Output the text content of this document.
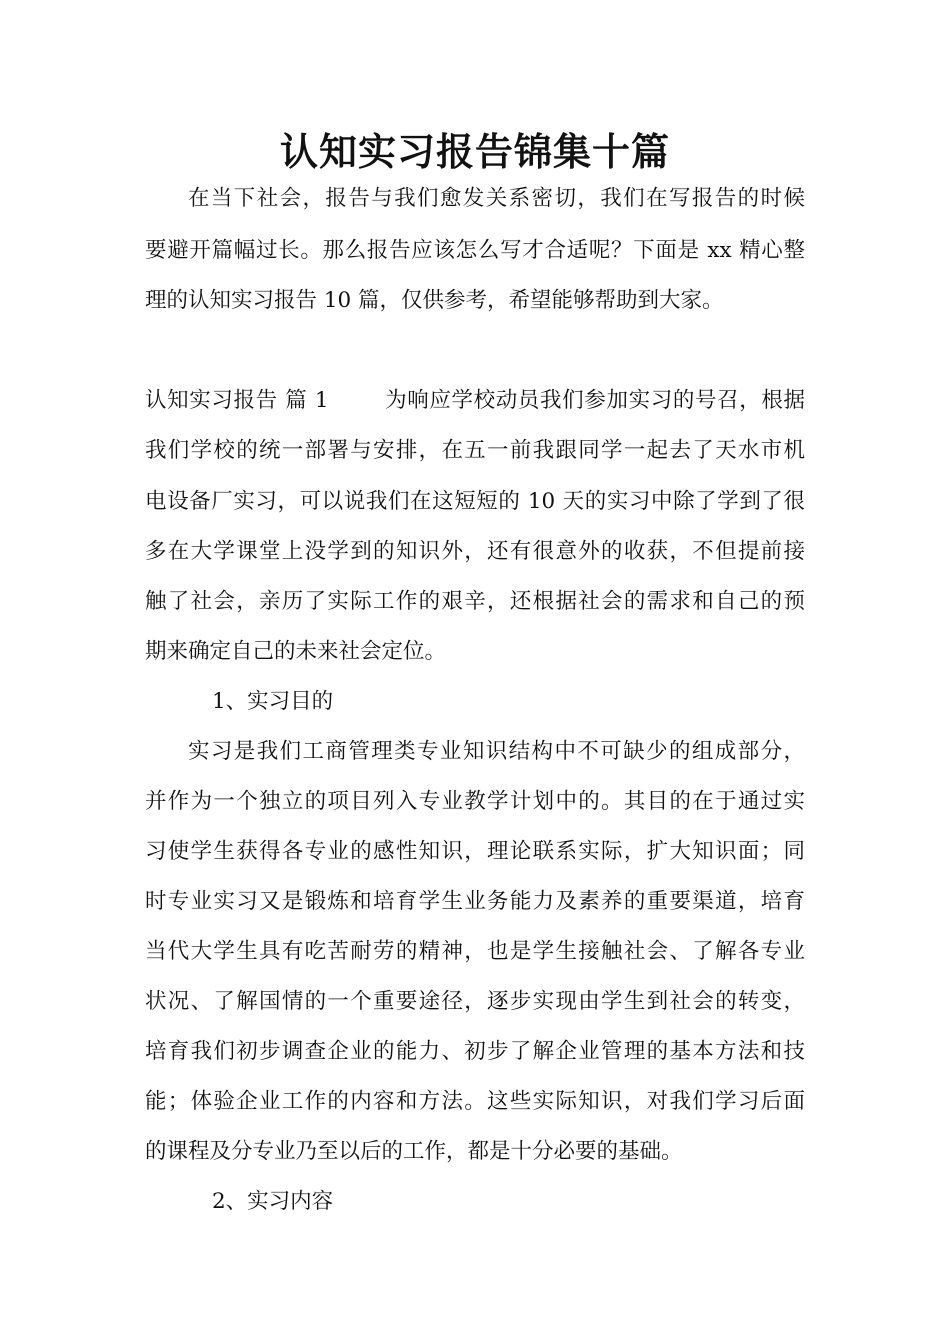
认知实习报告锦集十篇
在当下社会，报告与我们愈发关系密切，我们在写报告的时候
要避开篇幅过长。那么报告应该怎么写才合适呢？下面是 xx 精心整
理的认知实习报告 10 篇，仅供参考，希望能够帮助到大家。
认知实习报告 篇 1	为响应学校动员我们参加实习的号召，根据
我们学校的统一部署与安排，在五一前我跟同学一起去了天水市机
电设备厂实习，可以说我们在这短短的 10 天的实习中除了学到了很
多在大学课堂上没学到的知识外，还有很意外的收获，不但提前接
触了社会，亲历了实际工作的艰辛，还根据社会的需求和自己的预
期来确定自己的未来社会定位。
1、实习目的
实习是我们工商管理类专业知识结构中不可缺少的组成部分，
并作为一个独立的项目列入专业教学计划中的。其目的在于通过实
习使学生获得各专业的感性知识，理论联系实际，扩大知识面；同
时专业实习又是锻炼和培育学生业务能力及素养的重要渠道，培育
当代大学生具有吃苦耐劳的精神，也是学生接触社会、了解各专业
状况、了解国情的一个重要途径，逐步实现由学生到社会的转变，
培育我们初步调查企业的能力、初步了解企业管理的基本方法和技
能；体验企业工作的内容和方法。这些实际知识，对我们学习后面
的课程及分专业乃至以后的工作，都是十分必要的基础。
2、实习内容
